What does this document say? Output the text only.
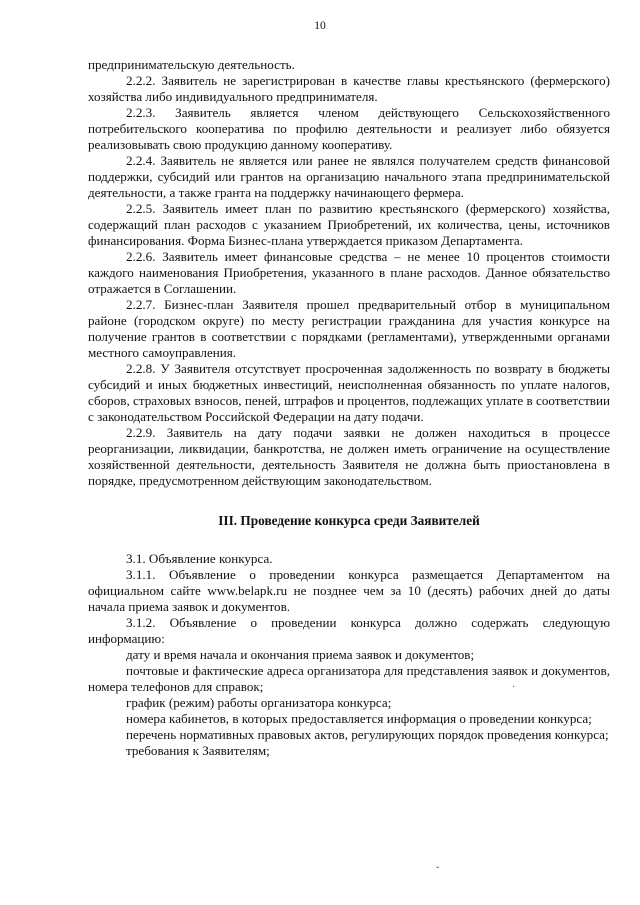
10

предпринимательскую деятельность.

2.2.2. Заявитель не зарегистрирован в качестве главы крестьянского (фермерского) хозяйства либо индивидуального предпринимателя.

2.2.3. Заявитель является членом действующего Сельскохозяйственного потребительского кооператива по профилю деятельности и реализует либо обязуется реализовывать свою продукцию данному кооперативу.

2.2.4. Заявитель не является или ранее не являлся получателем средств финансовой поддержки, субсидий или грантов на организацию начального этапа предпринимательской деятельности, а также гранта на поддержку начинающего фермера.

2.2.5. Заявитель имеет план по развитию крестьянского (фермерского) хозяйства, содержащий план расходов с указанием Приобретений, их количества, цены, источников финансирования. Форма Бизнес-плана утверждается приказом Департамента.

2.2.6. Заявитель имеет финансовые средства – не менее 10 процентов стоимости каждого наименования Приобретения, указанного в плане расходов. Данное обязательство отражается в Соглашении.

2.2.7. Бизнес-план Заявителя прошел предварительный отбор в муниципальном районе (городском округе) по месту регистрации гражданина для участия конкурсе на получение грантов в соответствии с порядками (регламентами), утвержденными органами местного самоуправления.

2.2.8. У Заявителя отсутствует просроченная задолженность по возврату в бюджеты субсидий и иных бюджетных инвестиций, неисполненная обязанность по уплате налогов, сборов, страховых взносов, пеней, штрафов и процентов, подлежащих уплате в соответствии с законодательством Российской Федерации на дату подачи.

2.2.9. Заявитель на дату подачи заявки не должен находиться в процессе реорганизации, ликвидации, банкротства, не должен иметь ограничение на осуществление хозяйственной деятельности, деятельность Заявителя не должна быть приостановлена в порядке, предусмотренном действующим законодательством.

III. Проведение конкурса среди Заявителей

3.1. Объявление конкурса.

3.1.1. Объявление о проведении конкурса размещается Департаментом на официальном сайте www.belapk.ru не позднее чем за 10 (десять) рабочих дней до даты начала приема заявок и документов.

3.1.2. Объявление о проведении конкурса должно содержать следующую информацию:

дату и время начала и окончания приема заявок и документов;

почтовые и фактические адреса организатора для представления заявок и документов, номера телефонов для справок;

график (режим) работы организатора конкурса;

номера кабинетов, в которых предоставляется информация о проведении конкурса;

перечень нормативных правовых актов, регулирующих порядок проведения конкурса;

требования к Заявителям;

·
ˇ
